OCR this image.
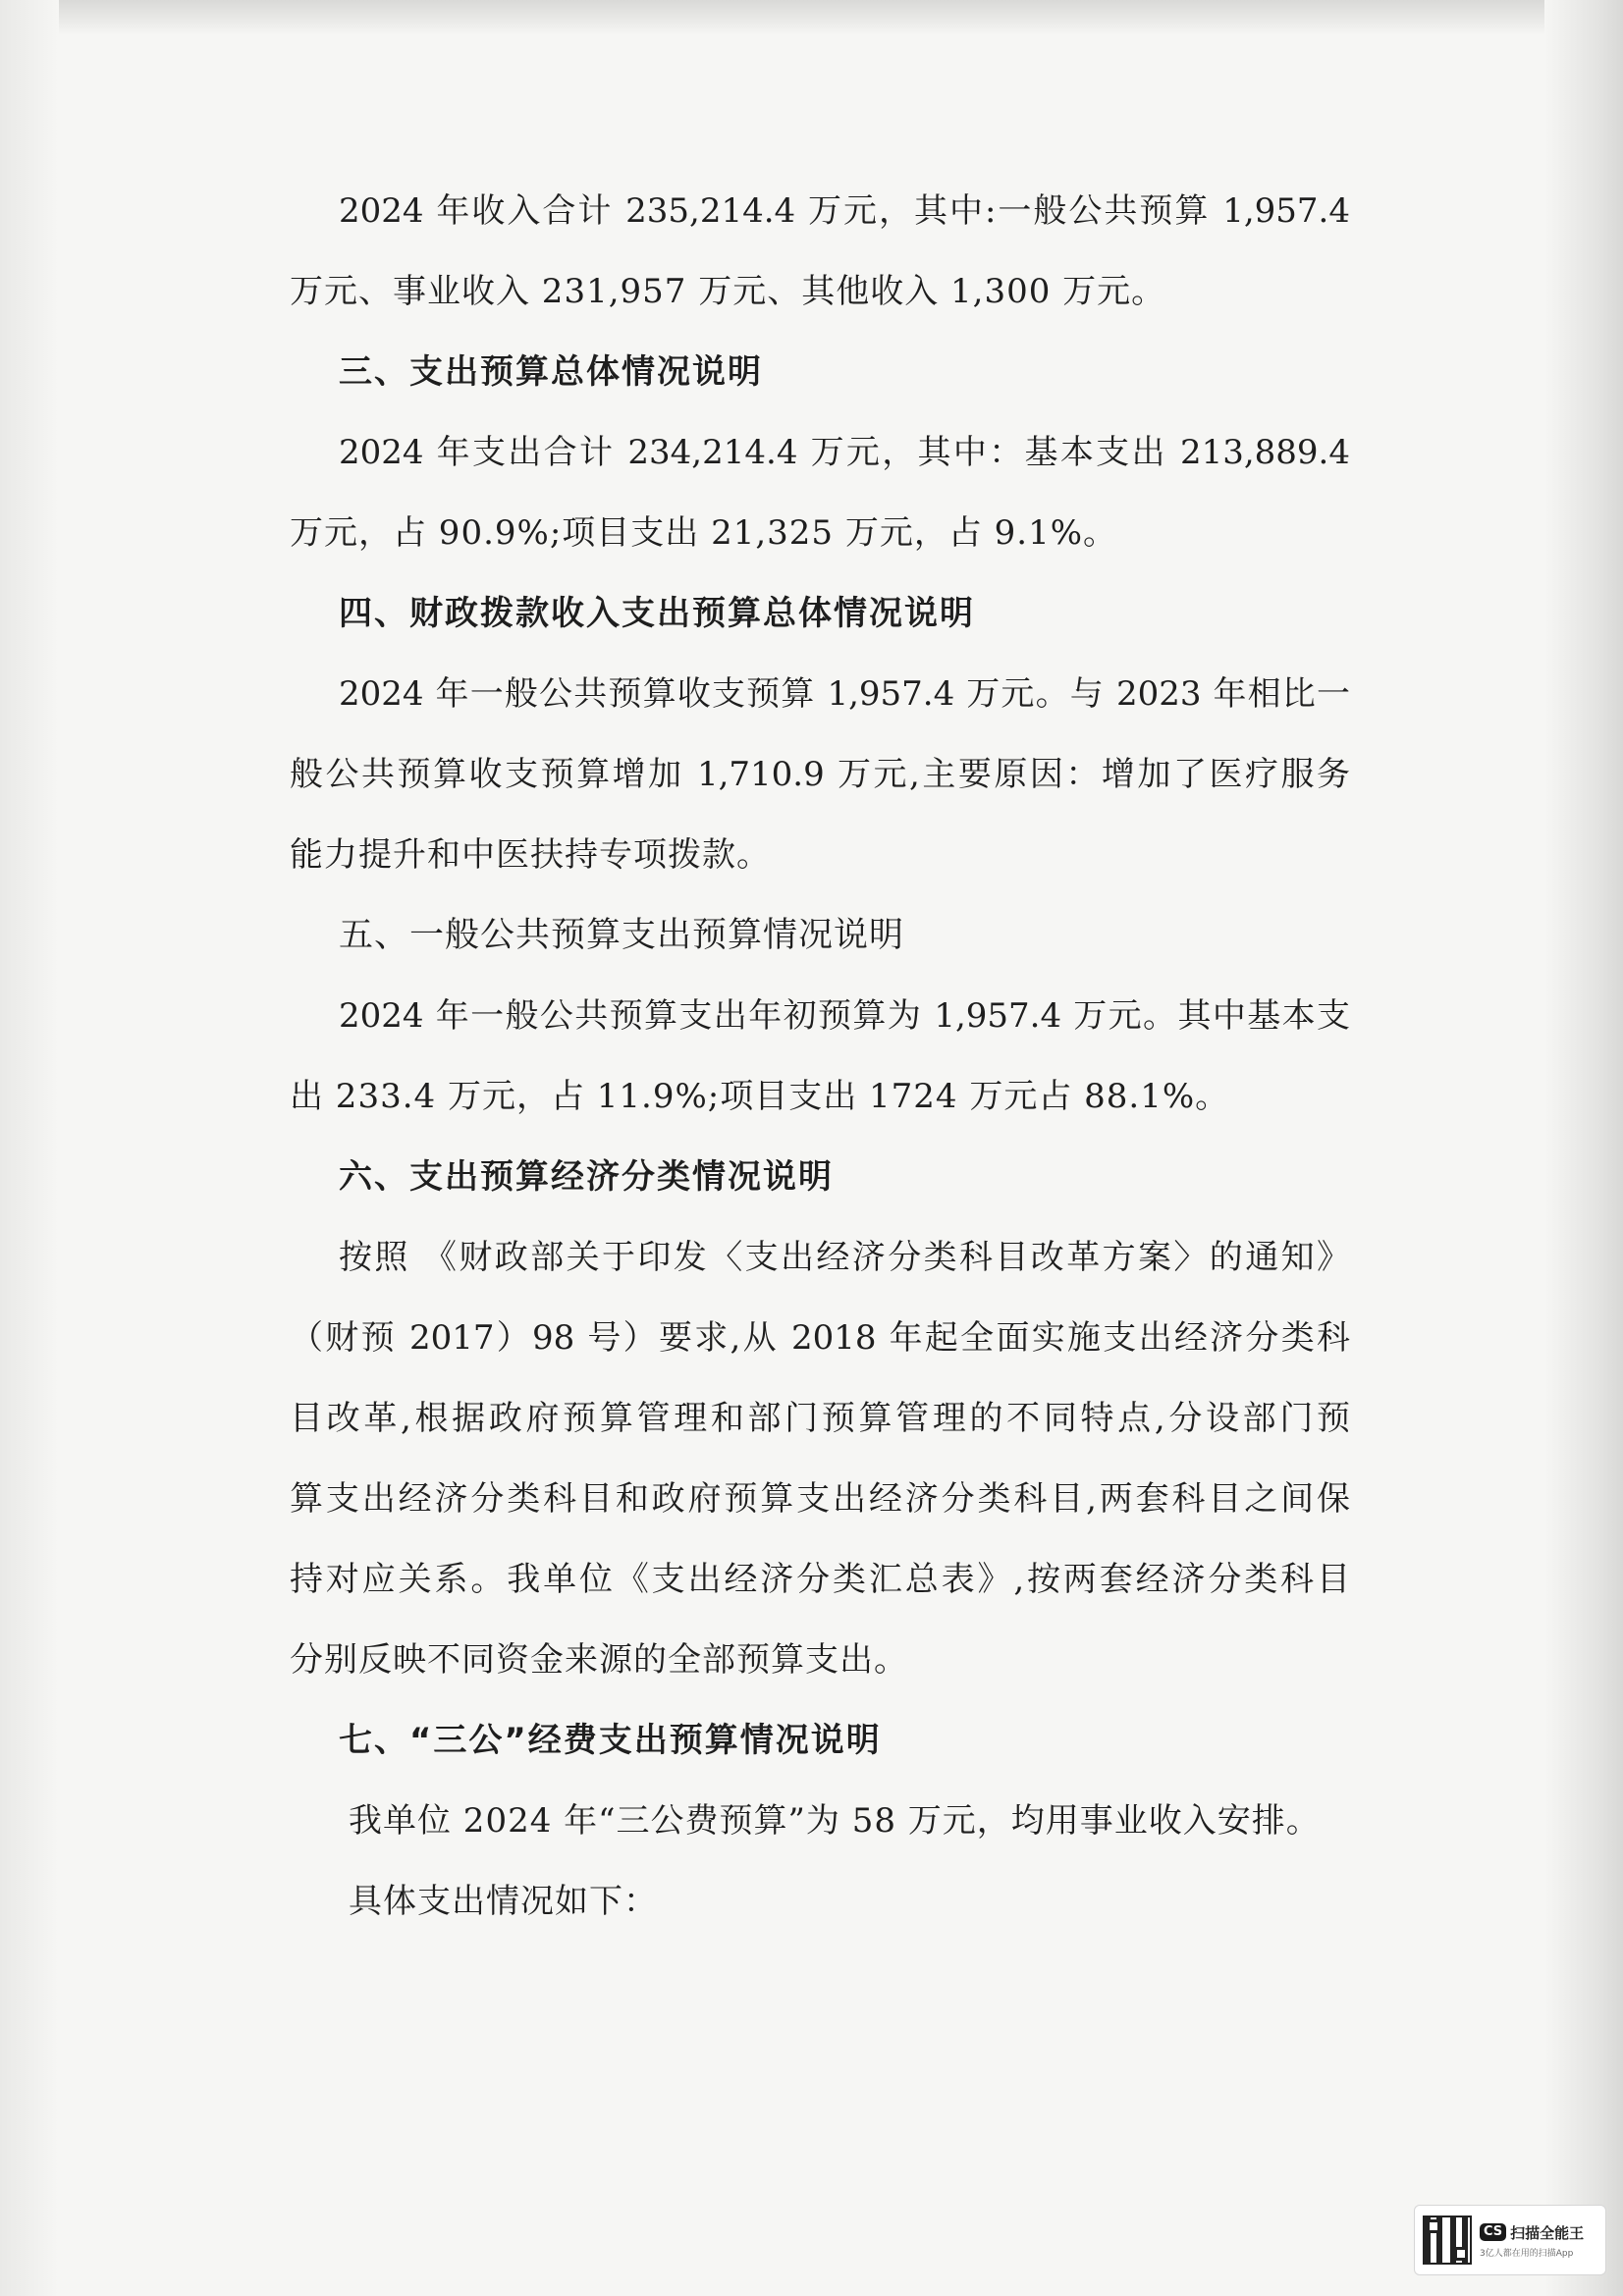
2024 年收入合计 235,214.4 万元，其中:一般公共预算 1,957.4
万元、事业收入 231,957 万元、其他收入 1,300 万元。
三、支出预算总体情况说明
2024 年支出合计 234,214.4 万元，其中：基本支出 213,889.4
万元，占 90.9%;项目支出 21,325 万元，占 9.1%。
四、财政拨款收入支出预算总体情况说明
2024 年一般公共预算收支预算 1,957.4 万元。与 2023 年相比一
般公共预算收支预算增加 1,710.9 万元,主要原因：增加了医疗服务
能力提升和中医扶持专项拨款。
五、一般公共预算支出预算情况说明
2024 年一般公共预算支出年初预算为 1,957.4 万元。其中基本支
出 233.4 万元，占 11.9%;项目支出 1724 万元占 88.1%。
六、支出预算经济分类情况说明
按照 《财政部关于印发〈支出经济分类科目改革方案〉的通知》
（财预 2017）98 号）要求,从 2018 年起全面实施支出经济分类科
目改革,根据政府预算管理和部门预算管理的不同特点,分设部门预
算支出经济分类科目和政府预算支出经济分类科目,两套科目之间保
持对应关系。我单位《支出经济分类汇总表》,按两套经济分类科目
分别反映不同资金来源的全部预算支出。
七、“三公”经费支出预算情况说明
我单位 2024 年“三公费预算”为 58 万元，均用事业收入安排。
具体支出情况如下：
CS 扫描全能王
3亿人都在用的扫描App
